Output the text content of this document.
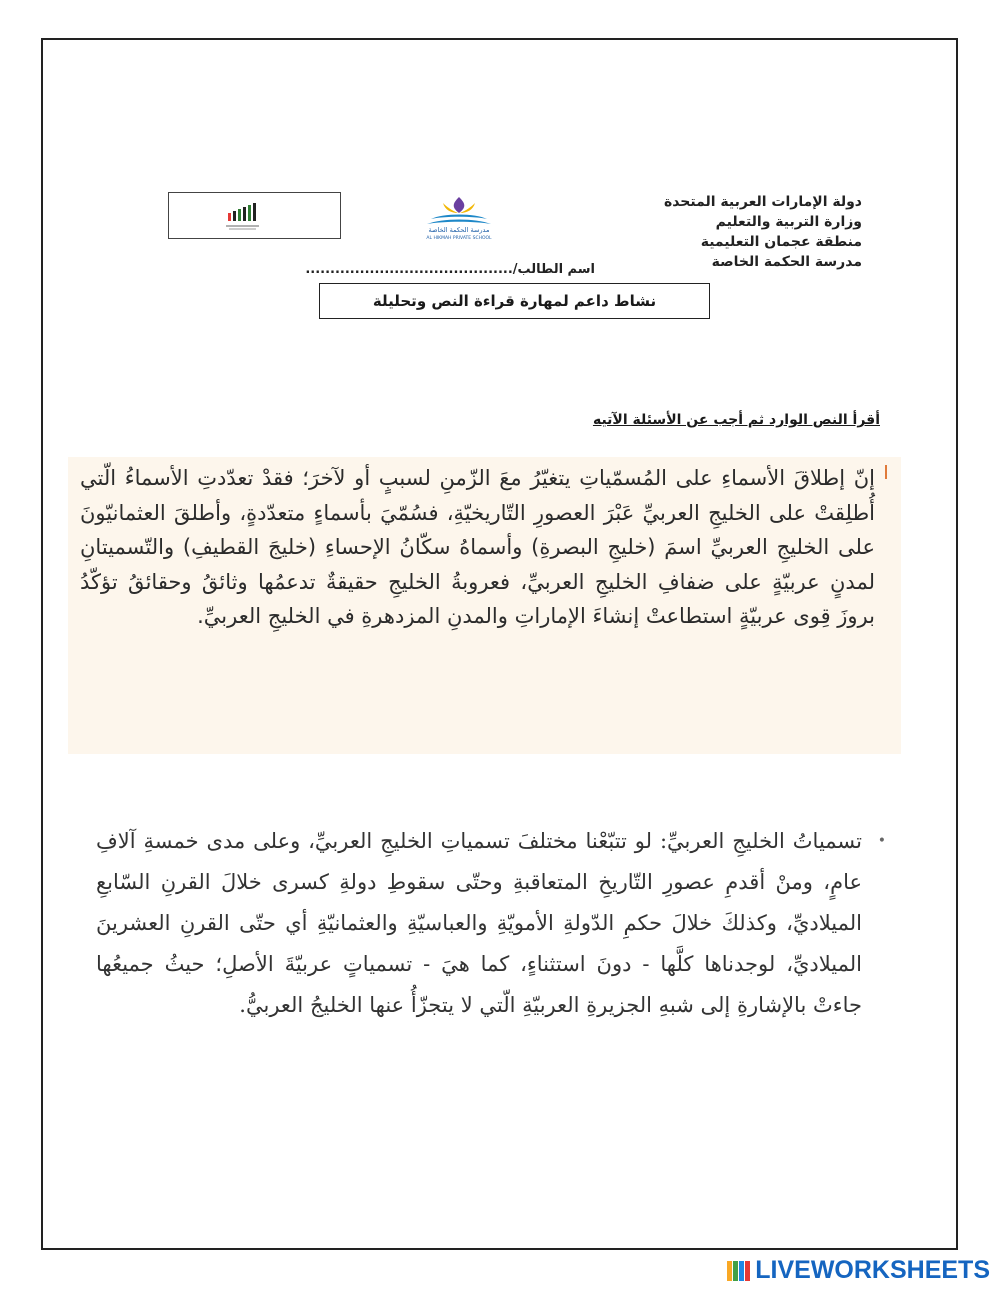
دولة الإمارات العربية المتحدة
وزارة التربية والتعليم
منطقة عجمان التعليمية
مدرسة الحكمة الخاصة
مدرسة الحكمة الخاصة
AL HIKMAH PRIVATE SCHOOL
اسم الطالب/..........................................
نشاط داعم لمهارة قراءة النص وتحليلة
أقرأ النص الوارد ثم أجب عن الأسئلة الآتيه
إنّ إطلاقَ الأسماءِ على المُسمّياتِ يتغيّرُ معَ الزّمنِ لسببٍ أو لآخرَ؛ فقدْ تعدّدتِ الأسماءُ الّتي أُطلِقتْ على الخليجِ العربيِّ عَبْرَ العصورِ التّاريخيّةِ، فسُمّيَ بأسماءٍ متعدّدةٍ، وأطلقَ العثمانيّونَ على الخليجِ العربيِّ اسمَ (خليجِ البصرةِ) وأسماهُ سكّانُ الإحساءِ (خليجَ القطيفِ) والتّسميتانِ لمدنٍ عربيّةٍ على ضفافِ الخليجِ العربيِّ، فعروبةُ الخليجِ حقيقةٌ تدعمُها وثائقُ وحقائقُ تؤكّدُ بروزَ قِوى عربيّةٍ استطاعتْ إنشاءَ الإماراتِ والمدنِ المزدهرةِ في الخليجِ العربيِّ.

•
تسمياتُ الخليجِ العربيِّ: لو تتبّعْنا مختلفَ تسمياتِ الخليجِ العربيِّ، وعلى مدى خمسةِ آلافِ عامٍ، ومنْ أقدمِ عصورِ التّاريخِ المتعاقبةِ وحتّى سقوطِ دولةِ كسرى خلالَ القرنِ السّابعِ الميلاديِّ، وكذلكَ خلالَ حكمِ الدّولةِ الأمويّةِ والعباسيّةِ والعثمانيّةِ أي حتّى القرنِ العشرينَ الميلاديِّ، لوجدناها كلَّها - دونَ استثناءٍ، كما هيَ - تسمياتٍ عربيّةَ الأصلِ؛ حيثُ جميعُها جاءتْ بالإشارةِ إلى شبهِ الجزيرةِ العربيّةِ الّتي لا يتجزّأُ عنها الخليجُ العربيُّ.

LIVEWORKSHEETS
